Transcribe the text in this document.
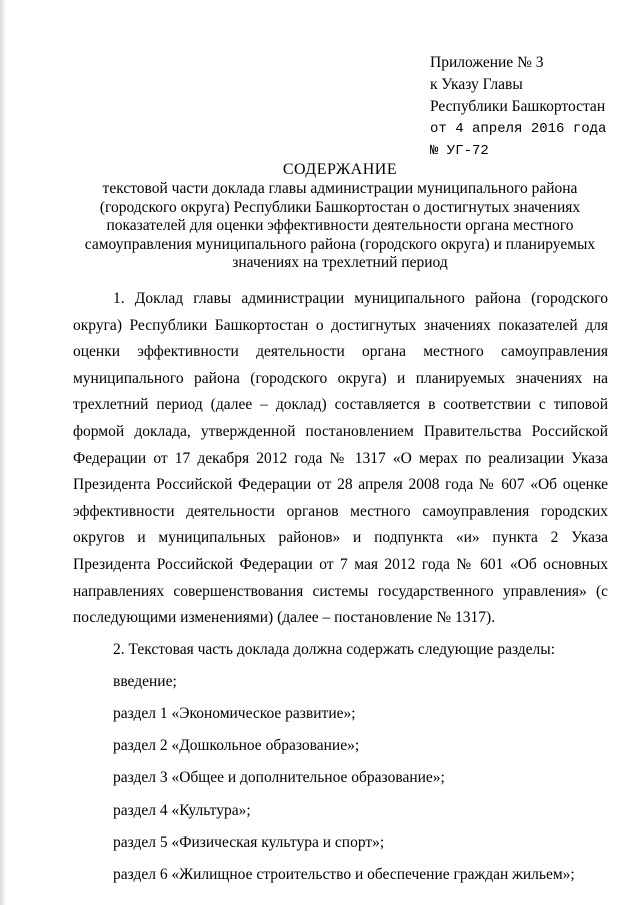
Приложение № 3
к Указу Главы
Республики Башкортостан
от 4 апреля 2016 года
№ УГ-72
СОДЕРЖАНИЕ
текстовой части доклада главы администрации муниципального района (городского округа) Республики Башкортостан о достигнутых значениях показателей для оценки эффективности деятельности органа местного самоуправления муниципального района (городского округа) и планируемых значениях на трехлетний период

1. Доклад главы администрации муниципального района (городского округа) Республики Башкортостан о достигнутых значениях показателей для оценки эффективности деятельности органа местного самоуправления муниципального района (городского округа) и планируемых значениях на трехлетний период (далее – доклад) составляется в соответствии с типовой формой доклада, утвержденной постановлением Правительства Российской Федерации от 17 декабря 2012 года № 1317 «О мерах по реализации Указа Президента Российской Федерации от 28 апреля 2008 года № 607 «Об оценке эффективности деятельности органов местного самоуправления городских округов и муниципальных районов» и подпункта «и» пункта 2 Указа Президента Российской Федерации от 7 мая 2012 года № 601 «Об основных направлениях совершенствования системы государственного управления» (с последующими изменениями) (далее – постановление № 1317).

2. Текстовая часть доклада должна содержать следующие разделы:

введение;
раздел 1 «Экономическое развитие»;
раздел 2 «Дошкольное образование»;
раздел 3 «Общее и дополнительное образование»;
раздел 4 «Культура»;
раздел 5 «Физическая культура и спорт»;
раздел 6 «Жилищное строительство и обеспечение граждан жильем»;
